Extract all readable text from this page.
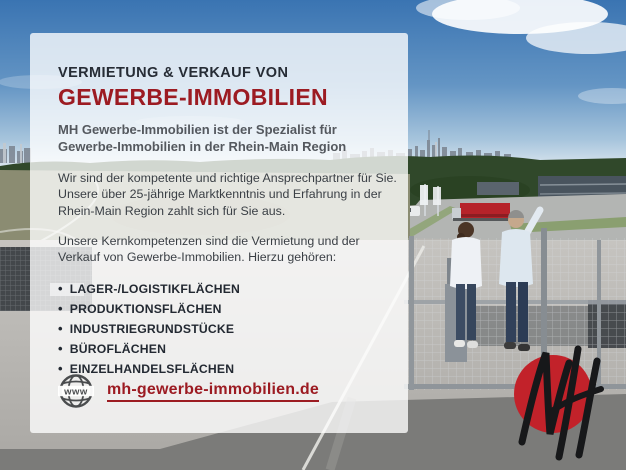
VERMIETUNG & VERKAUF VON
GEWERBE-IMMOBILIEN
MH Gewerbe-Immobilien ist der Spezialist für Gewerbe-Immobilien in der Rhein-Main Region
Wir sind der kompetente und richtige Ansprechpartner für Sie. Unsere über 25-jährige Marktkenntnis und Erfahrung in der Rhein-Main Region zahlt sich für Sie aus.
Unsere Kernkompetenzen sind die Vermietung und der Verkauf von Gewerbe-Immobilien. Hierzu gehören:
• LAGER-/LOGISTIKFLÄCHEN
• PRODUKTIONSFLÄCHEN
• INDUSTRIEGRUNDSTÜCKE
• BÜROFLÄCHEN
• EINZELHANDELSFLÄCHEN
www mh-gewerbe-immobilien.de
